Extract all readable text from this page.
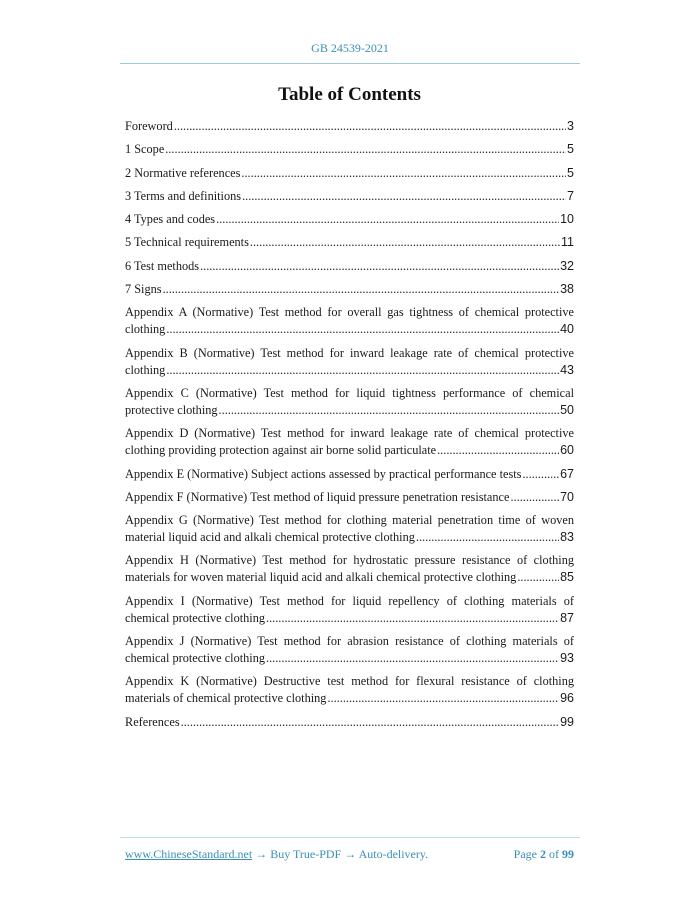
GB 24539-2021
Table of Contents
Foreword .....	3
1 Scope .....	5
2 Normative references .....	5
3 Terms and definitions .....	7
4 Types and codes .....	10
5 Technical requirements .....	11
6 Test methods .....	32
7 Signs .....	38
Appendix A (Normative) Test method for overall gas tightness of chemical protective
clothing .....	40
Appendix B (Normative) Test method for inward leakage rate of chemical protective
clothing .....	43
Appendix C (Normative) Test method for liquid tightness performance of chemical
protective clothing .....	50
Appendix D (Normative) Test method for inward leakage rate of chemical protective
clothing providing protection against air borne solid particulate .....	60
Appendix E (Normative) Subject actions assessed by practical performance tests .....	67
Appendix F (Normative) Test method of liquid pressure penetration resistance .....	70
Appendix G (Normative) Test method for clothing material penetration time of woven
material liquid acid and alkali chemical protective clothing .....	83
Appendix H (Normative) Test method for hydrostatic pressure resistance of clothing
materials for woven material liquid acid and alkali chemical protective clothing .....	85
Appendix I (Normative) Test method for liquid repellency of clothing materials of
chemical protective clothing .....	87
Appendix J (Normative) Test method for abrasion resistance of clothing materials of
chemical protective clothing .....	93
Appendix K (Normative) Destructive test method for flexural resistance of clothing
materials of chemical protective clothing .....	96
References .....	99
www.ChineseStandard.net → Buy True-PDF → Auto-delivery.	Page 2 of 99
